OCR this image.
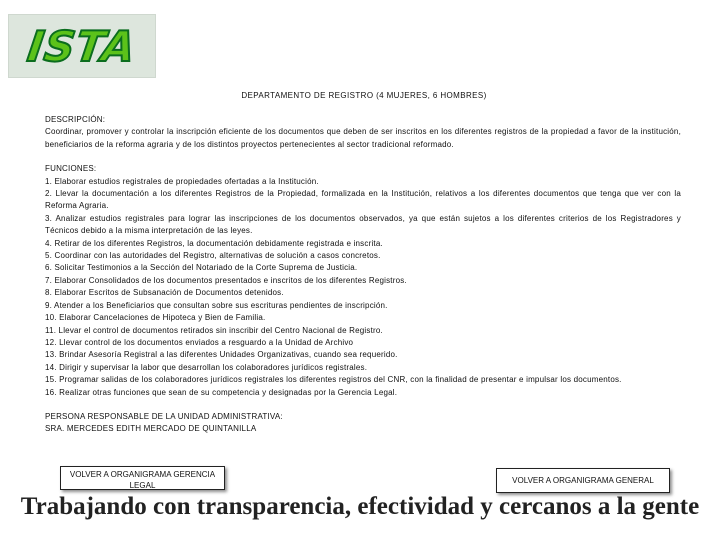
ISTA
DEPARTAMENTO DE REGISTRO (4 MUJERES, 6 HOMBRES)

DESCRIPCIÓN:

Coordinar, promover y controlar la inscripción eficiente de los documentos que deben de ser inscritos en los diferentes registros de la propiedad a favor de la institución, beneficiarios de la reforma agraria y de los distintos proyectos pertenecientes al sector tradicional reformado.

FUNCIONES:

1. Elaborar estudios registrales de propiedades ofertadas a la Institución.

2. Llevar la documentación a los diferentes Registros de la Propiedad, formalizada en la Institución, relativos a los diferentes documentos que tenga que ver con la Reforma Agraria.

3. Analizar estudios registrales para lograr las inscripciones de los documentos observados, ya que están sujetos a los diferentes criterios de los Registradores y Técnicos debido a la misma interpretación de las leyes.

4. Retirar de los diferentes Registros, la documentación debidamente registrada e inscrita.

5. Coordinar con las autoridades del Registro, alternativas de solución a casos concretos.

6. Solicitar Testimonios a la Sección del Notariado de la Corte Suprema de Justicia.

7. Elaborar Consolidados de los documentos presentados e inscritos de los diferentes Registros.

8. Elaborar Escritos de Subsanación de Documentos detenidos.

9. Atender a los Beneficiarios que consultan sobre sus escrituras pendientes de inscripción.

10. Elaborar Cancelaciones de Hipoteca y Bien de Familia.

11. Llevar el control de documentos retirados sin inscribir del Centro Nacional de Registro.

12. Llevar control de los documentos enviados a resguardo a la Unidad de Archivo

13. Brindar Asesoría Registral a las diferentes Unidades Organizativas, cuando sea requerido.

14. Dirigir y supervisar la labor que desarrollan los colaboradores jurídicos registrales.

15. Programar salidas de los colaboradores jurídicos registrales los diferentes registros del CNR, con la finalidad de presentar e impulsar los documentos.

16. Realizar otras funciones que sean de su competencia y designadas por la Gerencia Legal.

PERSONA RESPONSABLE DE LA UNIDAD ADMINISTRATIVA:

SRA. MERCEDES EDITH MERCADO DE QUINTANILLA

VOLVER A ORGANIGRAMA GERENCIA LEGAL
VOLVER A ORGANIGRAMA GENERAL
Trabajando con transparencia, efectividad y cercanos a la gente
